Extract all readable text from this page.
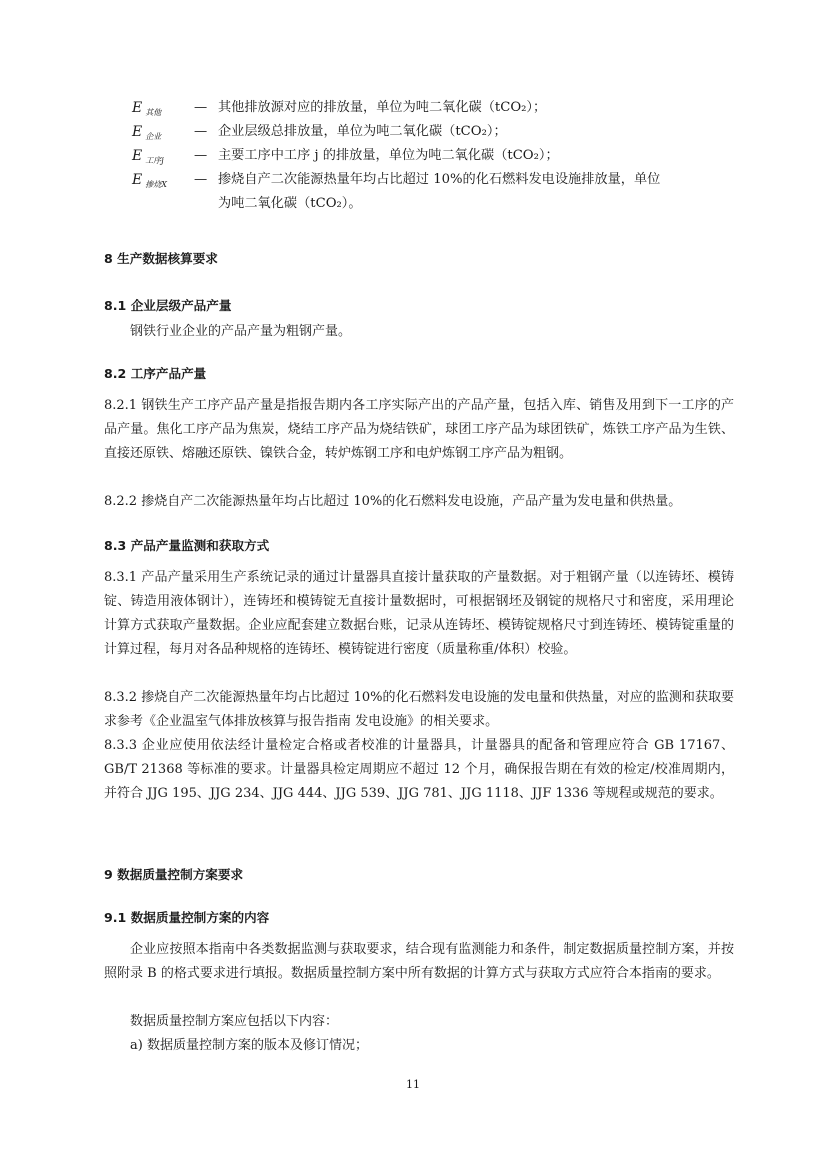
E $_{其他}$	— 其他排放源对应的排放量，单位为吨二氧化碳（tCO₂）；
E $_{企业}$	— 企业层级总排放量，单位为吨二氧化碳（tCO₂）；
E $_{工序j}$	— 主要工序中工序 j 的排放量，单位为吨二氧化碳（tCO₂）；
E $_{掺烧X}$	— 掺烧自产二次能源热量年均占比超过 10%的化石燃料发电设施排放量，单位
为吨二氧化碳（tCO₂）。
8 生产数据核算要求
8.1 企业层级产品产量
钢铁行业企业的产品产量为粗钢产量。
8.2 工序产品产量
8.2.1 钢铁生产工序产品产量是指报告期内各工序实际产出的产品产量，包括入库、销售及用到下一工序的产品产量。焦化工序产品为焦炭，烧结工序产品为烧结铁矿，球团工序产品为球团铁矿，炼铁工序产品为生铁、直接还原铁、熔融还原铁、镍铁合金，转炉炼钢工序和电炉炼钢工序产品为粗钢。
8.2.2 掺烧自产二次能源热量年均占比超过 10%的化石燃料发电设施，产品产量为发电量和供热量。
8.3 产品产量监测和获取方式
8.3.1 产品产量采用生产系统记录的通过计量器具直接计量获取的产量数据。对于粗钢产量（以连铸坯、模铸锭、铸造用液体钢计），连铸坯和模铸锭无直接计量数据时，可根据钢坯及钢锭的规格尺寸和密度，采用理论计算方式获取产量数据。企业应配套建立数据台账，记录从连铸坯、模铸锭规格尺寸到连铸坯、模铸锭重量的计算过程，每月对各品种规格的连铸坯、模铸锭进行密度（质量称重/体积）校验。
8.3.2 掺烧自产二次能源热量年均占比超过 10%的化石燃料发电设施的发电量和供热量，对应的监测和获取要求参考《企业温室气体排放核算与报告指南 发电设施》的相关要求。
8.3.3 企业应使用依法经计量检定合格或者校准的计量器具，计量器具的配备和管理应符合 GB 17167、GB/T 21368 等标准的要求。计量器具检定周期应不超过 12 个月，确保报告期在有效的检定/校准周期内，并符合 JJG 195、JJG 234、JJG 444、JJG 539、JJG 781、JJG 1118、JJF 1336 等规程或规范的要求。
9 数据质量控制方案要求
9.1 数据质量控制方案的内容
企业应按照本指南中各类数据监测与获取要求，结合现有监测能力和条件，制定数据质量控制方案，并按照附录 B 的格式要求进行填报。数据质量控制方案中所有数据的计算方式与获取方式应符合本指南的要求。
数据质量控制方案应包括以下内容：
a) 数据质量控制方案的版本及修订情况；
11
